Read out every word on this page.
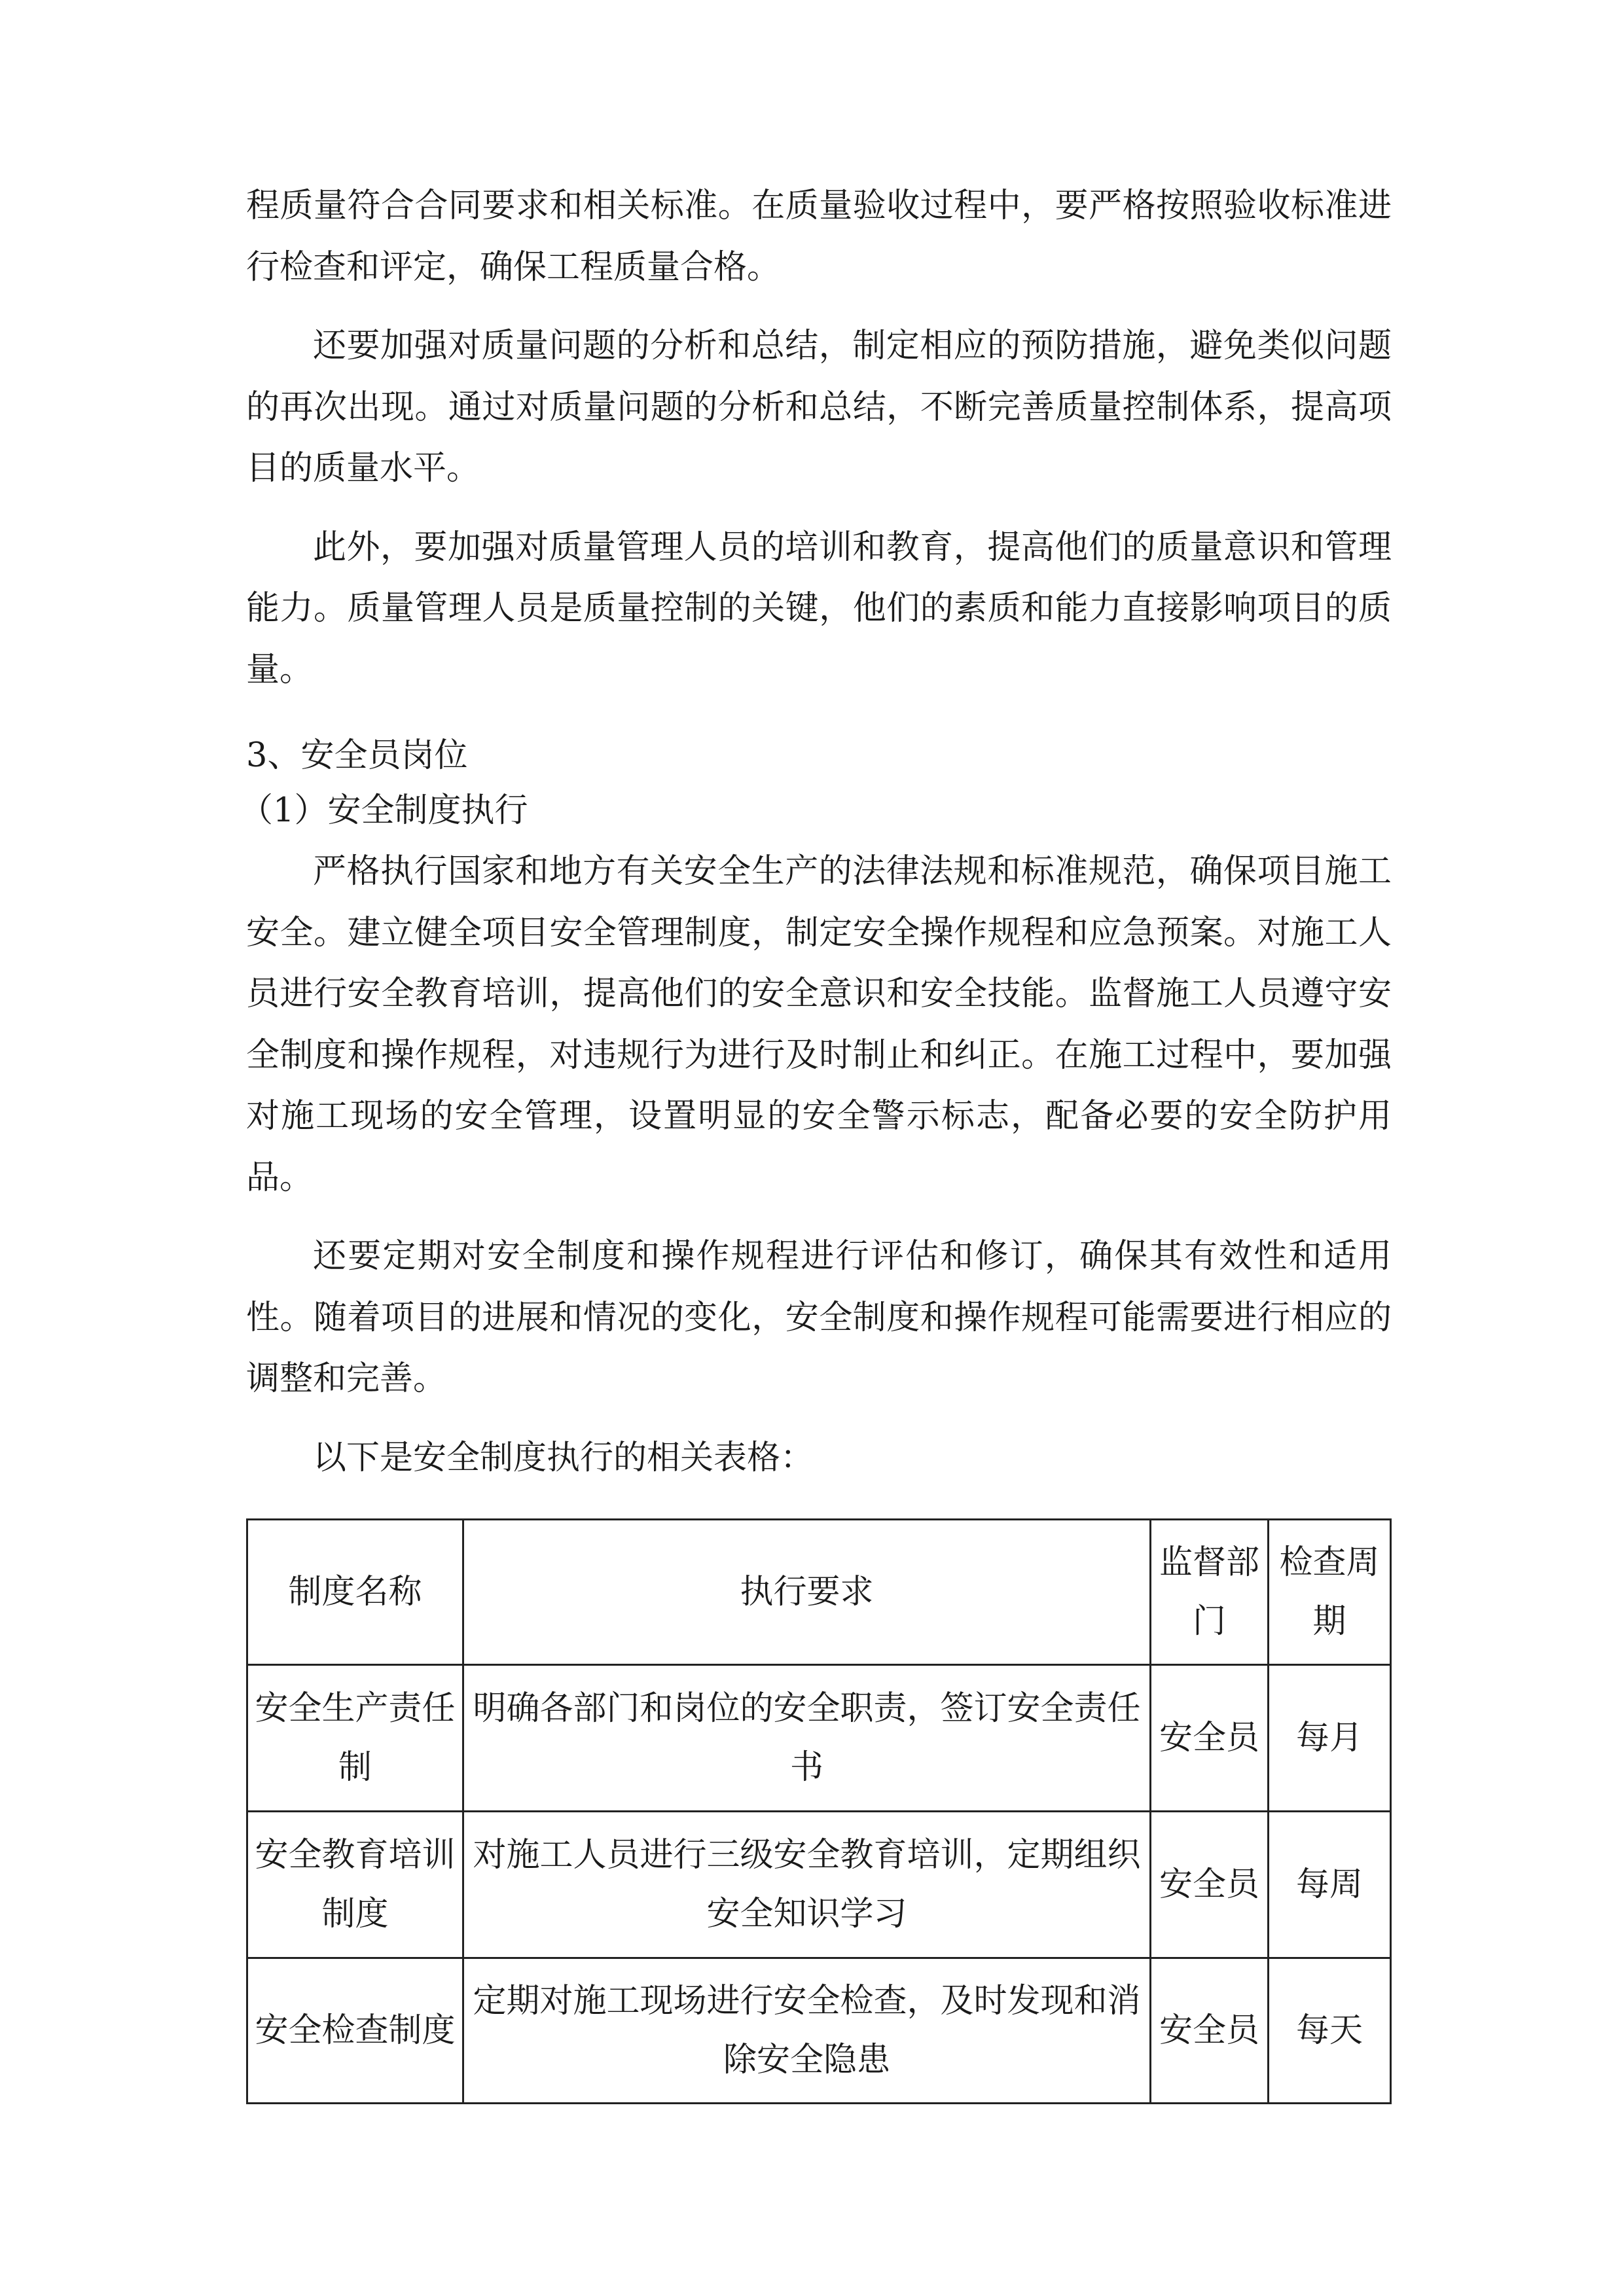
程质量符合合同要求和相关标准。在质量验收过程中，要严格按照验收标准进行检查和评定，确保工程质量合格。

还要加强对质量问题的分析和总结，制定相应的预防措施，避免类似问题的再次出现。通过对质量问题的分析和总结，不断完善质量控制体系，提高项目的质量水平。

此外，要加强对质量管理人员的培训和教育，提高他们的质量意识和管理能力。质量管理人员是质量控制的关键，他们的素质和能力直接影响项目的质量。

3、安全员岗位

（1）安全制度执行

严格执行国家和地方有关安全生产的法律法规和标准规范，确保项目施工安全。建立健全项目安全管理制度，制定安全操作规程和应急预案。对施工人员进行安全教育培训，提高他们的安全意识和安全技能。监督施工人员遵守安全制度和操作规程，对违规行为进行及时制止和纠正。在施工过程中，要加强对施工现场的安全管理，设置明显的安全警示标志，配备必要的安全防护用品。

还要定期对安全制度和操作规程进行评估和修订，确保其有效性和适用性。随着项目的进展和情况的变化，安全制度和操作规程可能需要进行相应的调整和完善。

以下是安全制度执行的相关表格：

制度名称	执行要求	监督部门	检查周期
安全生产责任制	明确各部门和岗位的安全职责，签订安全责任书	安全员	每月
安全教育培训制度	对施工人员进行三级安全教育培训，定期组织安全知识学习	安全员	每周
安全检查制度	定期对施工现场进行安全检查，及时发现和消除安全隐患	安全员	每天
